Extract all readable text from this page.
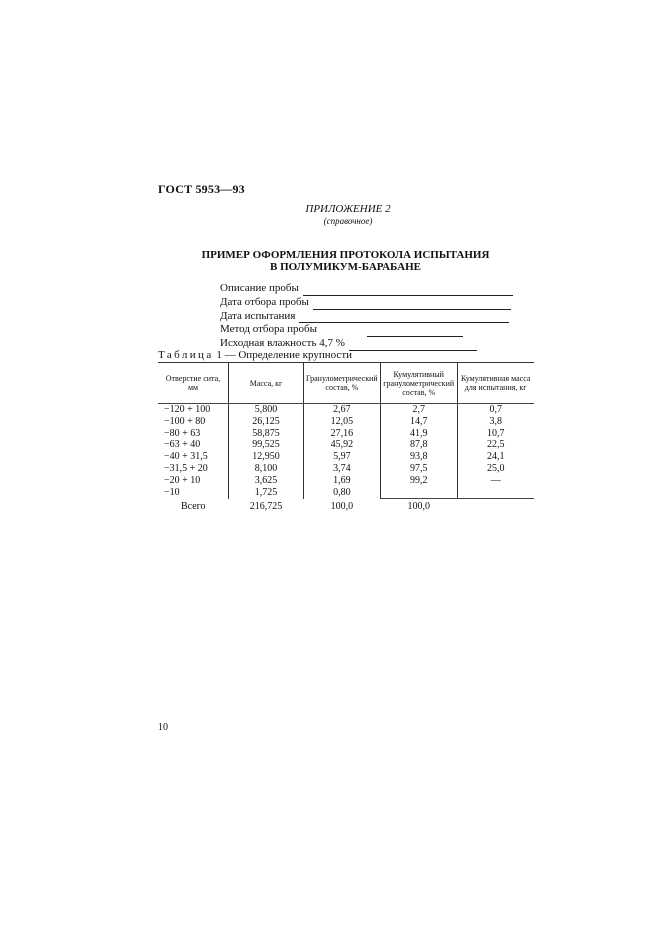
ГОСТ 5953—93
ПРИЛОЖЕНИЕ 2
(справочное)
ПРИМЕР ОФОРМЛЕНИЯ ПРОТОКОЛА ИСПЫТАНИЯ
В ПОЛУМИКУМ-БАРАБАНЕ
Описание пробы
Дата отбора пробы
Дата испытания
Метод отбора пробы
Исходная влажность 4,7 %
Таблица 1 — Определение крупности
Отверстие сита, мм	Масса, кг	Гранулометрический состав, %	Кумулятивный гранулометрический состав, %	Кумулятивная масса для испытания, кг
−120 + 100	5,800	2,67	2,7	0,7
−100 + 80	26,125	12,05	14,7	3,8
−80 + 63	58,875	27,16	41,9	10,7
−63 + 40	99,525	45,92	87,8	22,5
−40 + 31,5	12,950	5,97	93,8	24,1
−31,5 + 20	8,100	3,74	97,5	25,0
−20 + 10	3,625	1,69	99,2	—
−10	1,725	0,80		
Всего	216,725	100,0	100,0	
10
